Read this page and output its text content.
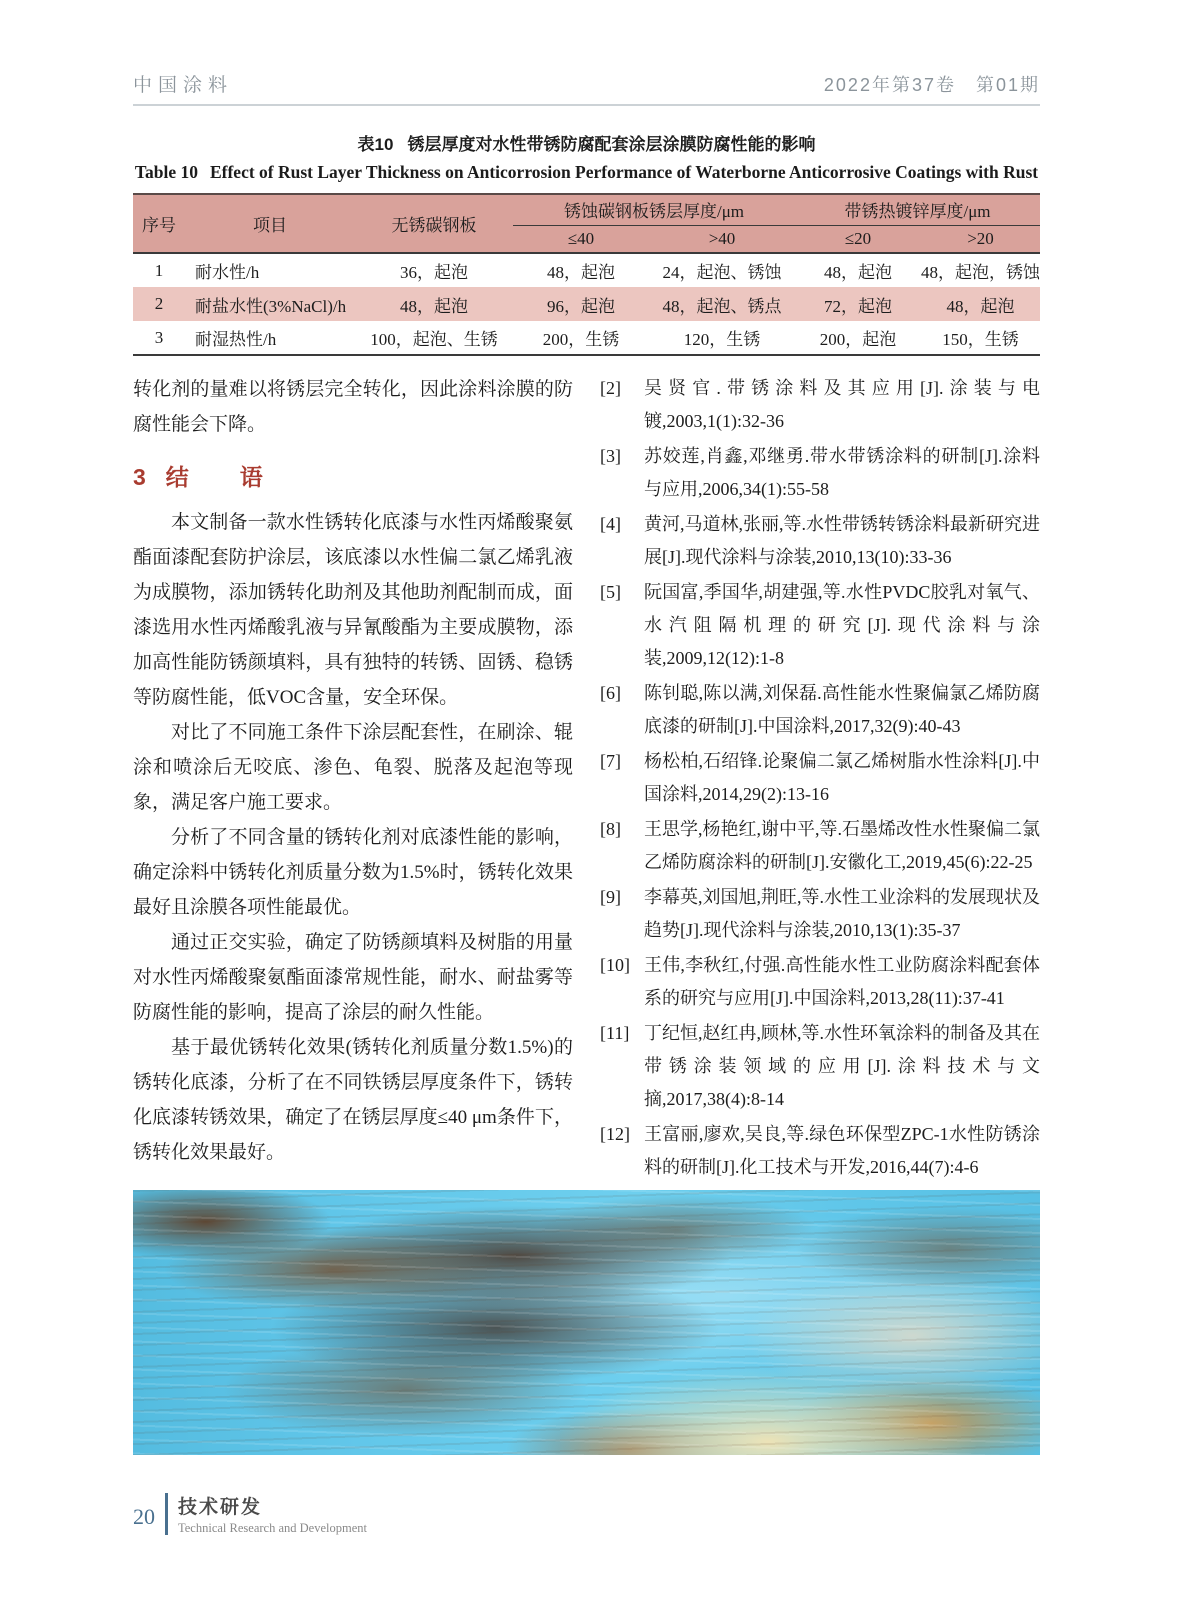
中国涂料	2022年第37卷　第01期
表10 锈层厚度对水性带锈防腐配套涂层涂膜防腐性能的影响
Table 10 Effect of Rust Layer Thickness on Anticorrosion Performance of Waterborne Anticorrosive Coatings with Rust
序号	项目	无锈碳钢板	锈蚀碳钢板锈层厚度/μm		带锈热镀锌厚度/μm	
			≤40	>40	≤20	>20
1	耐水性/h	36，起泡	48，起泡	24，起泡、锈蚀	48，起泡	48，起泡，锈蚀
2	耐盐水性(3%NaCl)/h	48，起泡	96，起泡	48，起泡、锈点	72，起泡	48，起泡
3	耐湿热性/h	100，起泡、生锈	200，生锈	120，生锈	200，起泡	150，生锈

转化剂的量难以将锈层完全转化，因此涂料涂膜的防腐性能会下降。

3 结　语

本文制备一款水性锈转化底漆与水性丙烯酸聚氨酯面漆配套防护涂层，该底漆以水性偏二氯乙烯乳液为成膜物，添加锈转化助剂及其他助剂配制而成，面漆选用水性丙烯酸乳液与异氰酸酯为主要成膜物，添加高性能防锈颜填料，具有独特的转锈、固锈、稳锈等防腐性能，低VOC含量，安全环保。

对比了不同施工条件下涂层配套性，在刷涂、辊涂和喷涂后无咬底、渗色、龟裂、脱落及起泡等现象，满足客户施工要求。

分析了不同含量的锈转化剂对底漆性能的影响，确定涂料中锈转化剂质量分数为1.5%时，锈转化效果最好且涂膜各项性能最优。

通过正交实验，确定了防锈颜填料及树脂的用量对水性丙烯酸聚氨酯面漆常规性能，耐水、耐盐雾等防腐性能的影响，提高了涂层的耐久性能。

基于最优锈转化效果(锈转化剂质量分数1.5%)的锈转化底漆，分析了在不同铁锈层厚度条件下，锈转化底漆转锈效果，确定了在锈层厚度≤40 μm条件下，锈转化效果最好。

[2] 吴贤官.带锈涂料及其应用[J].涂装与电镀,2003,1(1):32-36
[3] 苏姣莲,肖鑫,邓继勇.带水带锈涂料的研制[J].涂料与应用,2006,34(1):55-58
[4] 黄河,马道林,张丽,等.水性带锈转锈涂料最新研究进展[J].现代涂料与涂装,2010,13(10):33-36
[5] 阮国富,季国华,胡建强,等.水性PVDC胶乳对氧气、水汽阻隔机理的研究[J].现代涂料与涂装,2009,12(12):1-8
[6] 陈钊聪,陈以满,刘保磊.高性能水性聚偏氯乙烯防腐底漆的研制[J].中国涂料,2017,32(9):40-43
[7] 杨松柏,石绍锋.论聚偏二氯乙烯树脂水性涂料[J].中国涂料,2014,29(2):13-16
[8] 王思学,杨艳红,谢中平,等.石墨烯改性水性聚偏二氯乙烯防腐涂料的研制[J].安徽化工,2019,45(6):22-25
[9] 李幕英,刘国旭,荆旺,等.水性工业涂料的发展现状及趋势[J].现代涂料与涂装,2010,13(1):35-37
[10] 王伟,李秋红,付强.高性能水性工业防腐涂料配套体系的研究与应用[J].中国涂料,2013,28(11):37-41
[11] 丁纪恒,赵红冉,顾林,等.水性环氧涂料的制备及其在带锈涂装领域的应用[J].涂料技术与文摘,2017,38(4):8-14
[12] 王富丽,廖欢,吴良,等.绿色环保型ZPC-1水性防锈涂料的研制[J].化工技术与开发,2016,44(7):4-6
20 技术研发
Technical Research and Development
